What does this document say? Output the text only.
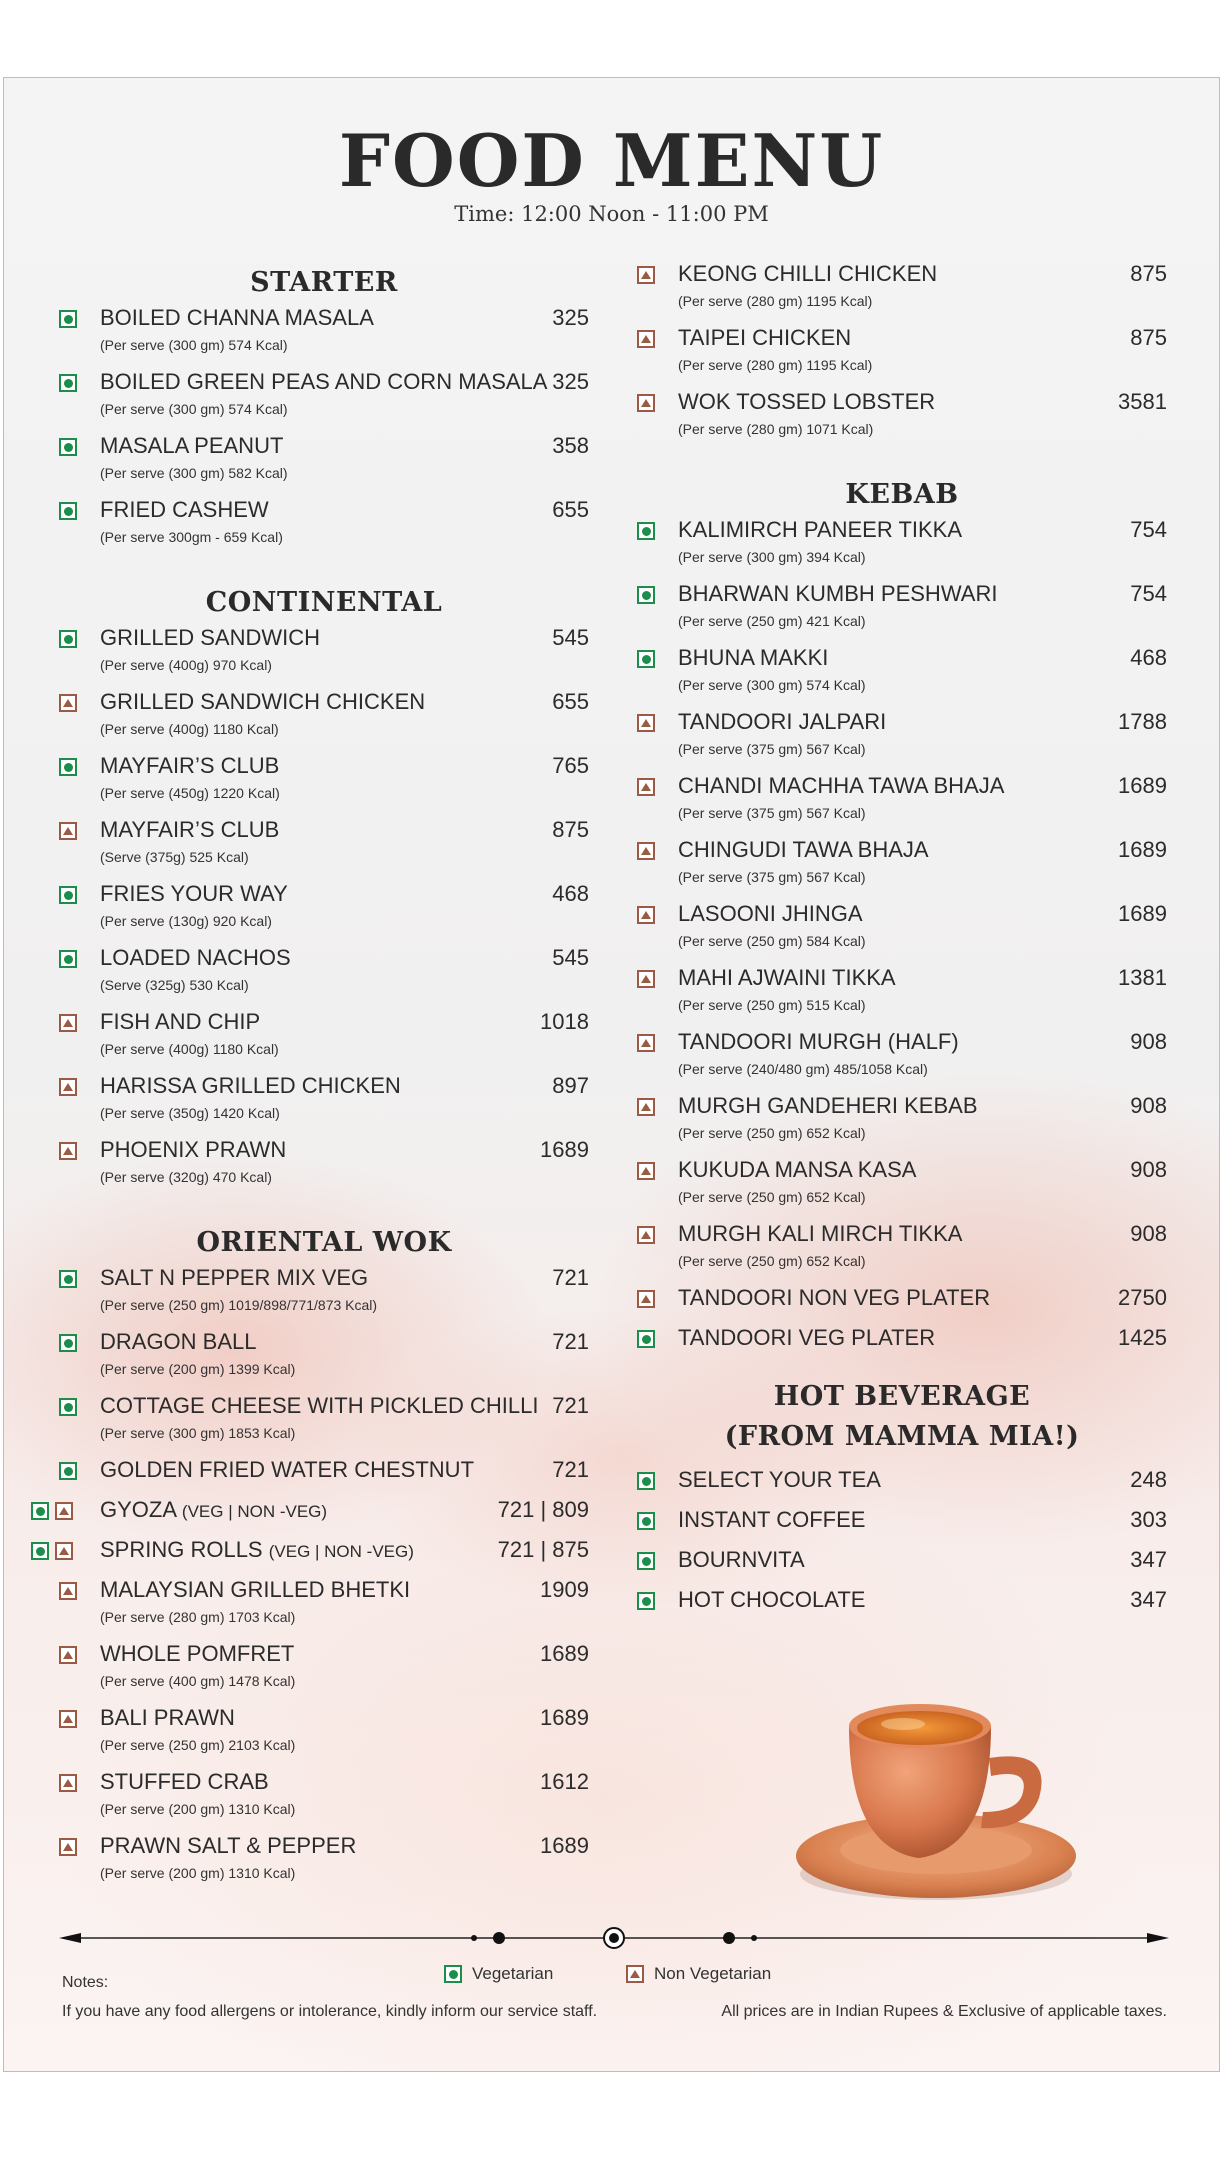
FOOD MENU
Time: 12:00 Noon - 11:00 PM
STARTER
BOILED CHANNA MASALA
(Per serve (300 gm) 574 Kcal)
325
BOILED GREEN PEAS AND CORN MASALA
(Per serve (300 gm) 574 Kcal)
325
MASALA PEANUT
(Per serve (300 gm) 582 Kcal)
358
FRIED CASHEW
(Per serve 300gm - 659 Kcal)
655
CONTINENTAL
GRILLED SANDWICH
(Per serve (400g) 970 Kcal)
545
GRILLED SANDWICH CHICKEN
(Per serve (400g) 1180 Kcal)
655
MAYFAIR’S CLUB
(Per serve (450g) 1220 Kcal)
765
MAYFAIR’S CLUB
(Serve (375g) 525 Kcal)
875
FRIES YOUR WAY
(Per serve (130g) 920 Kcal)
468
LOADED NACHOS
(Serve (325g) 530 Kcal)
545
FISH AND CHIP
(Per serve (400g) 1180 Kcal)
1018
HARISSA GRILLED CHICKEN
(Per serve (350g) 1420 Kcal)
897
PHOENIX PRAWN
(Per serve (320g) 470 Kcal)
1689
ORIENTAL WOK
SALT N PEPPER MIX VEG
(Per serve (250 gm) 1019/898/771/873 Kcal)
721
DRAGON BALL
(Per serve (200 gm) 1399 Kcal)
721
COTTAGE CHEESE WITH PICKLED CHILLI
(Per serve (300 gm) 1853 Kcal)
721
GOLDEN FRIED WATER CHESTNUT	721
GYOZA (VEG | NON -VEG)	721 | 809
SPRING ROLLS (VEG | NON -VEG)	721 | 875
MALAYSIAN GRILLED BHETKI
(Per serve (280 gm) 1703 Kcal)
1909
WHOLE POMFRET
(Per serve (400 gm) 1478 Kcal)
1689
BALI PRAWN
(Per serve (250 gm) 2103 Kcal)
1689
STUFFED CRAB
(Per serve (200 gm) 1310 Kcal)
1612
PRAWN SALT & PEPPER
(Per serve (200 gm) 1310 Kcal)
1689
KEONG CHILLI CHICKEN
(Per serve (280 gm) 1195 Kcal)
875
TAIPEI CHICKEN
(Per serve (280 gm) 1195 Kcal)
875
WOK TOSSED LOBSTER
(Per serve (280 gm) 1071 Kcal)
3581
KEBAB
KALIMIRCH PANEER TIKKA
(Per serve (300 gm) 394 Kcal)
754
BHARWAN KUMBH PESHWARI
(Per serve (250 gm) 421 Kcal)
754
BHUNA MAKKI
(Per serve (300 gm) 574 Kcal)
468
TANDOORI JALPARI
(Per serve (375 gm) 567 Kcal)
1788
CHANDI MACHHA TAWA BHAJA
(Per serve (375 gm) 567 Kcal)
1689
CHINGUDI TAWA BHAJA
(Per serve (375 gm) 567 Kcal)
1689
LASOONI JHINGA
(Per serve (250 gm) 584 Kcal)
1689
MAHI AJWAINI TIKKA
(Per serve (250 gm) 515 Kcal)
1381
TANDOORI MURGH (HALF)
(Per serve (240/480 gm) 485/1058 Kcal)
908
MURGH GANDEHERI KEBAB
(Per serve (250 gm) 652 Kcal)
908
KUKUDA MANSA KASA
(Per serve (250 gm) 652 Kcal)
908
MURGH KALI MIRCH TIKKA
(Per serve (250 gm) 652 Kcal)
908
TANDOORI NON VEG PLATER	2750
TANDOORI VEG PLATER	1425
HOT BEVERAGE
(FROM MAMMA MIA!)
SELECT YOUR TEA	248
INSTANT COFFEE	303
BOURNVITA	347
HOT CHOCOLATE	347
Vegetarian	Non Vegetarian
Notes:
If you have any food allergens or intolerance, kindly inform our service staff.	All prices are in Indian Rupees & Exclusive of applicable taxes.
